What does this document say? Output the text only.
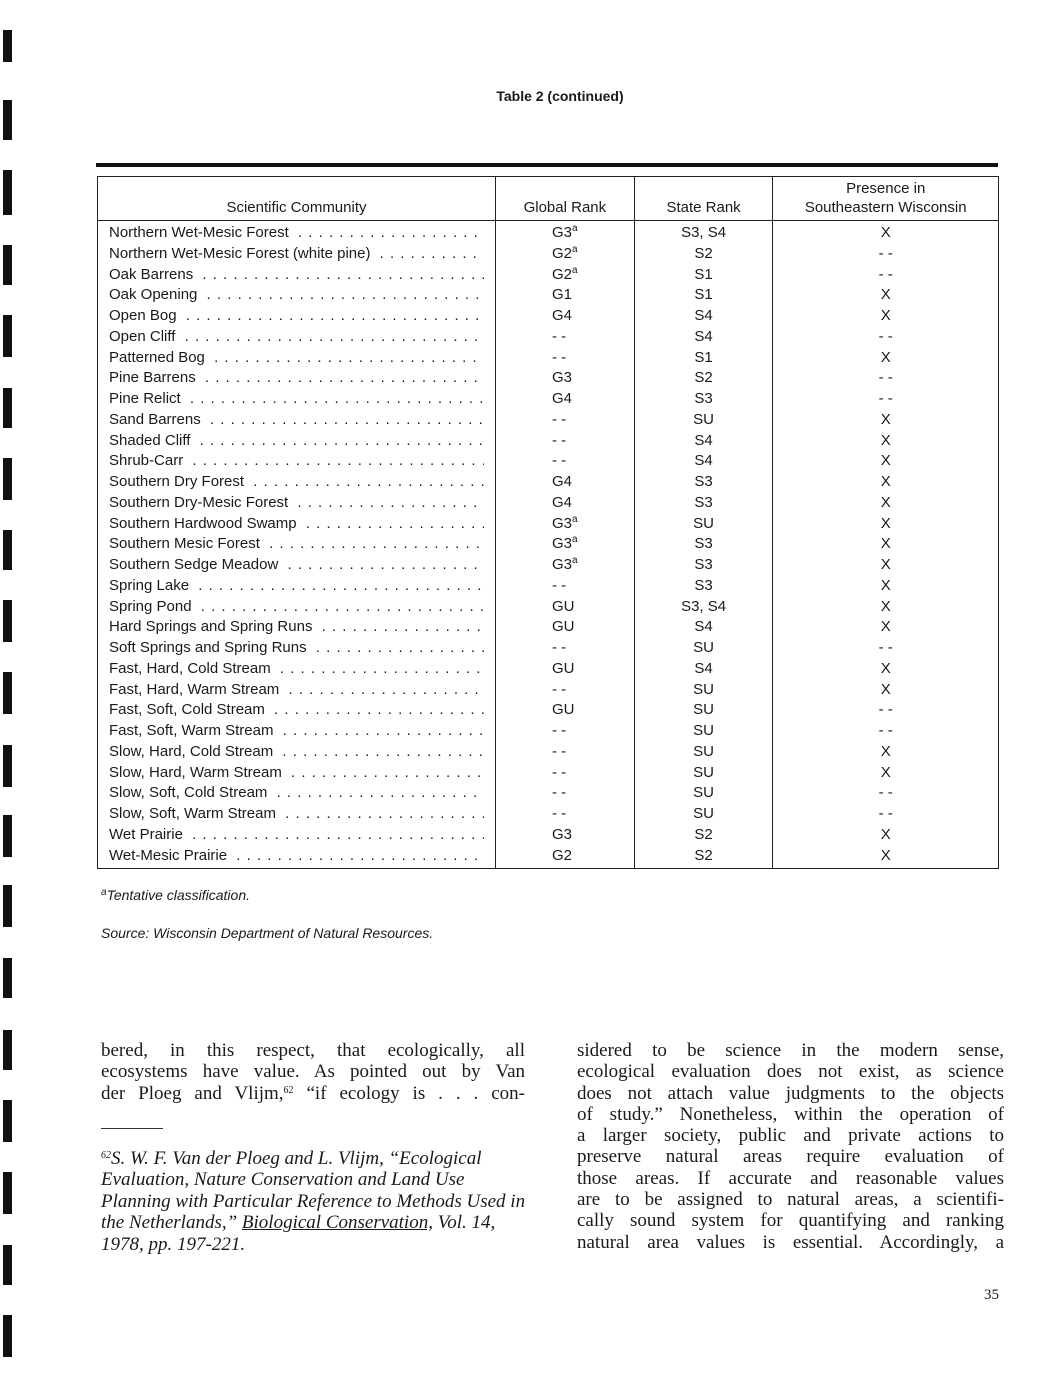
Table 2 (continued)
Scientific Community	Global Rank	State Rank	Presence in
Southeastern Wisconsin

Northern Wet-Mesic Forest . . .	G3$^a$	S3, S4	X

Northern Wet-Mesic Forest (white pine) . . .	G2$^a$	S2	- -

Oak Barrens . . .	G2$^a$	S1	- -

Oak Opening . . .	G1	S1	X

Open Bog . . .	G4	S4	X

Open Cliff . . .	- -	S4	- -

Patterned Bog . . .	- -	S1	X

Pine Barrens . . .	G3	S2	- -

Pine Relict . . .	G4	S3	- -

Sand Barrens . . .	- -	SU	X

Shaded Cliff . . .	- -	S4	X

Shrub-Carr . . .	- -	S4	X

Southern Dry Forest . . .	G4	S3	X

Southern Dry-Mesic Forest . . .	G4	S3	X

Southern Hardwood Swamp . . .	G3$^a$	SU	X

Southern Mesic Forest . . .	G3$^a$	S3	X

Southern Sedge Meadow . . .	G3$^a$	S3	X

Spring Lake . . .	- -	S3	X

Spring Pond . . .	GU	S3, S4	X

Hard Springs and Spring Runs . . .	GU	S4	X

Soft Springs and Spring Runs . . .	- -	SU	- -

Fast, Hard, Cold Stream . . .	GU	S4	X

Fast, Hard, Warm Stream . . .	- -	SU	X

Fast, Soft, Cold Stream . . .	GU	SU	- -

Fast, Soft, Warm Stream . . .	- -	SU	- -

Slow, Hard, Cold Stream . . .	- -	SU	X

Slow, Hard, Warm Stream . . .	- -	SU	X

Slow, Soft, Cold Stream . . .	- -	SU	- -

Slow, Soft, Warm Stream . . .	- -	SU	- -

Wet Prairie . . .	G3	S2	X

Wet-Mesic Prairie . . .	G2	S2	X
$^a$Tentative classification.
Source: Wisconsin Department of Natural Resources.
bered, in this respect, that ecologically, all
ecosystems have value. As pointed out by Van
der Ploeg and Vlijm,$^{62}$ “if ecology is . . . con-
$^{62}$S. W. F. Van der Ploeg and L. Vlijm, “Ecological Evaluation, Nature Conservation and Land Use Planning with Particular Reference to Methods Used in the Netherlands,” Biological Conservation, Vol. 14, 1978, pp. 197-221.
sidered to be science in the modern sense,
ecological evaluation does not exist, as science
does not attach value judgments to the objects
of study.” Nonetheless, within the operation of
a larger society, public and private actions to
preserve natural areas require evaluation of
those areas. If accurate and reasonable values
are to be assigned to natural areas, a scientifi-
cally sound system for quantifying and ranking
natural area values is essential. Accordingly, a
35
